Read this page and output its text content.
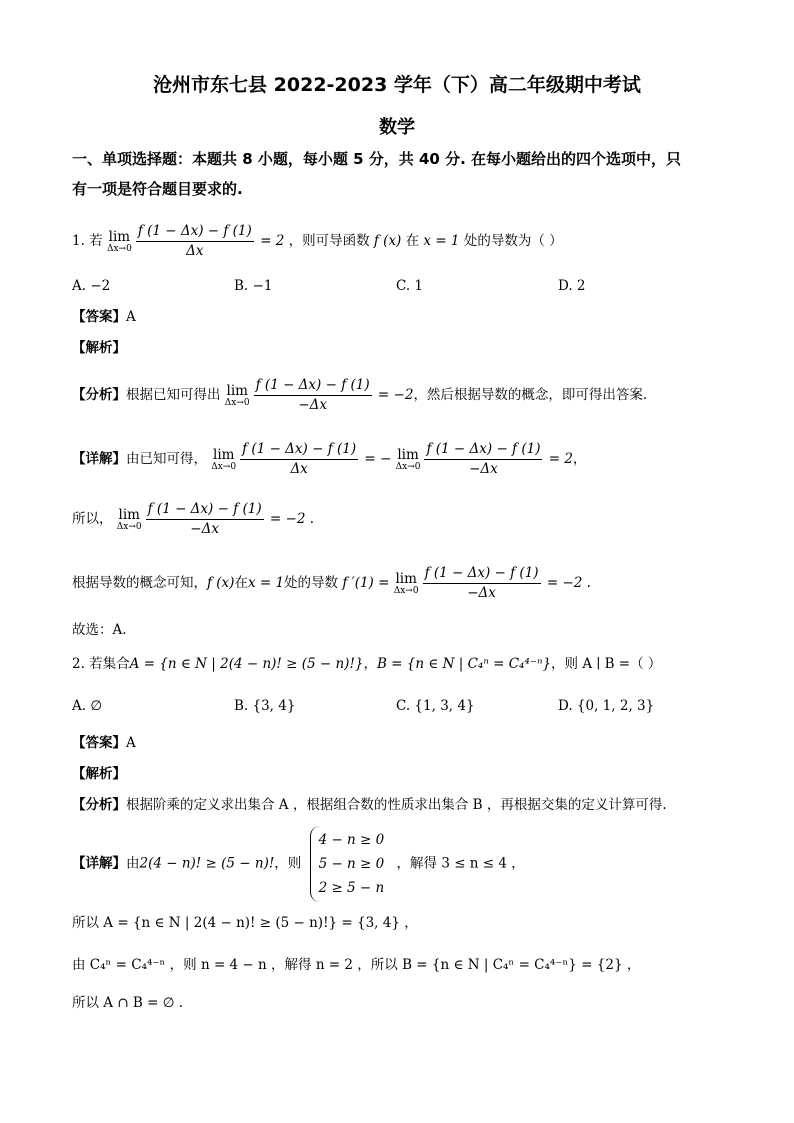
沧州市东七县 2022-2023 学年（下）高二年级期中考试
数学
一、单项选择题：本题共 8 小题，每小题 5 分，共 40 分. 在每小题给出的四个选项中，只
有一项是符合题目要求的.
1. 若 lim
$\Delta x\to 0 \frac{f (1 - \Delta x) - f (1)}{\Delta x} = 2$ ，则可导函数 f (x) 在 x = 1 处的导数为（ ）
A. −2	B. −1	C. 1	D. 2
【答案】A
【解析】
【分析】根据已知可得出 lim
$\Delta x\to 0 \frac{f (1 - \Delta x) - f (1)}{-\Delta x} = -2$，然后根据导数的概念，即可得出答案.
【详解】由已知可得， lim
$\Delta x\to 0 \frac{f (1 - \Delta x) - f (1)}{\Delta x}$ = − lim
$\Delta x\to 0 \frac{f (1 - \Delta x) - f (1)}{-\Delta x} = 2$，
所以， lim
$\Delta x\to 0 \frac{f (1 - \Delta x) - f (1)}{-\Delta x} = -2$ .
根据导数的概念可知，f (x)在x = 1处的导数 f ′(1) = lim
$\Delta x\to 0 \frac{f (1 - \Delta x) - f (1)}{-\Delta x} = -2$ .
故选：A.
2. 若集合A = {n ∈ N | 2(4 − n)! ≥ (5 − n)!}，B = {n ∈ N | C₄ⁿ = C₄⁴⁻ⁿ}，则 A ∣ B =（ ）
A. ∅	B. {3, 4}	C. {1, 3, 4}	D. {0, 1, 2, 3}
【答案】A
【解析】
【分析】根据阶乘的定义求出集合 A ，根据组合数的性质求出集合 B ，再根据交集的定义计算可得.
【详解】由2(4 − n)! ≥ (5 − n)!，则
4 − n ≥ 0
5 − n ≥ 0
2 ≥ 5 − n
，解得 3 ≤ n ≤ 4 ，
所以 A = {n ∈ N | 2(4 − n)! ≥ (5 − n)!} = {3, 4} ，
由 C₄ⁿ = C₄⁴⁻ⁿ ，则 n = 4 − n ，解得 n = 2 ，所以 B = {n ∈ N | C₄ⁿ = C₄⁴⁻ⁿ} = {2} ，
所以 A ∩ B = ∅ .
